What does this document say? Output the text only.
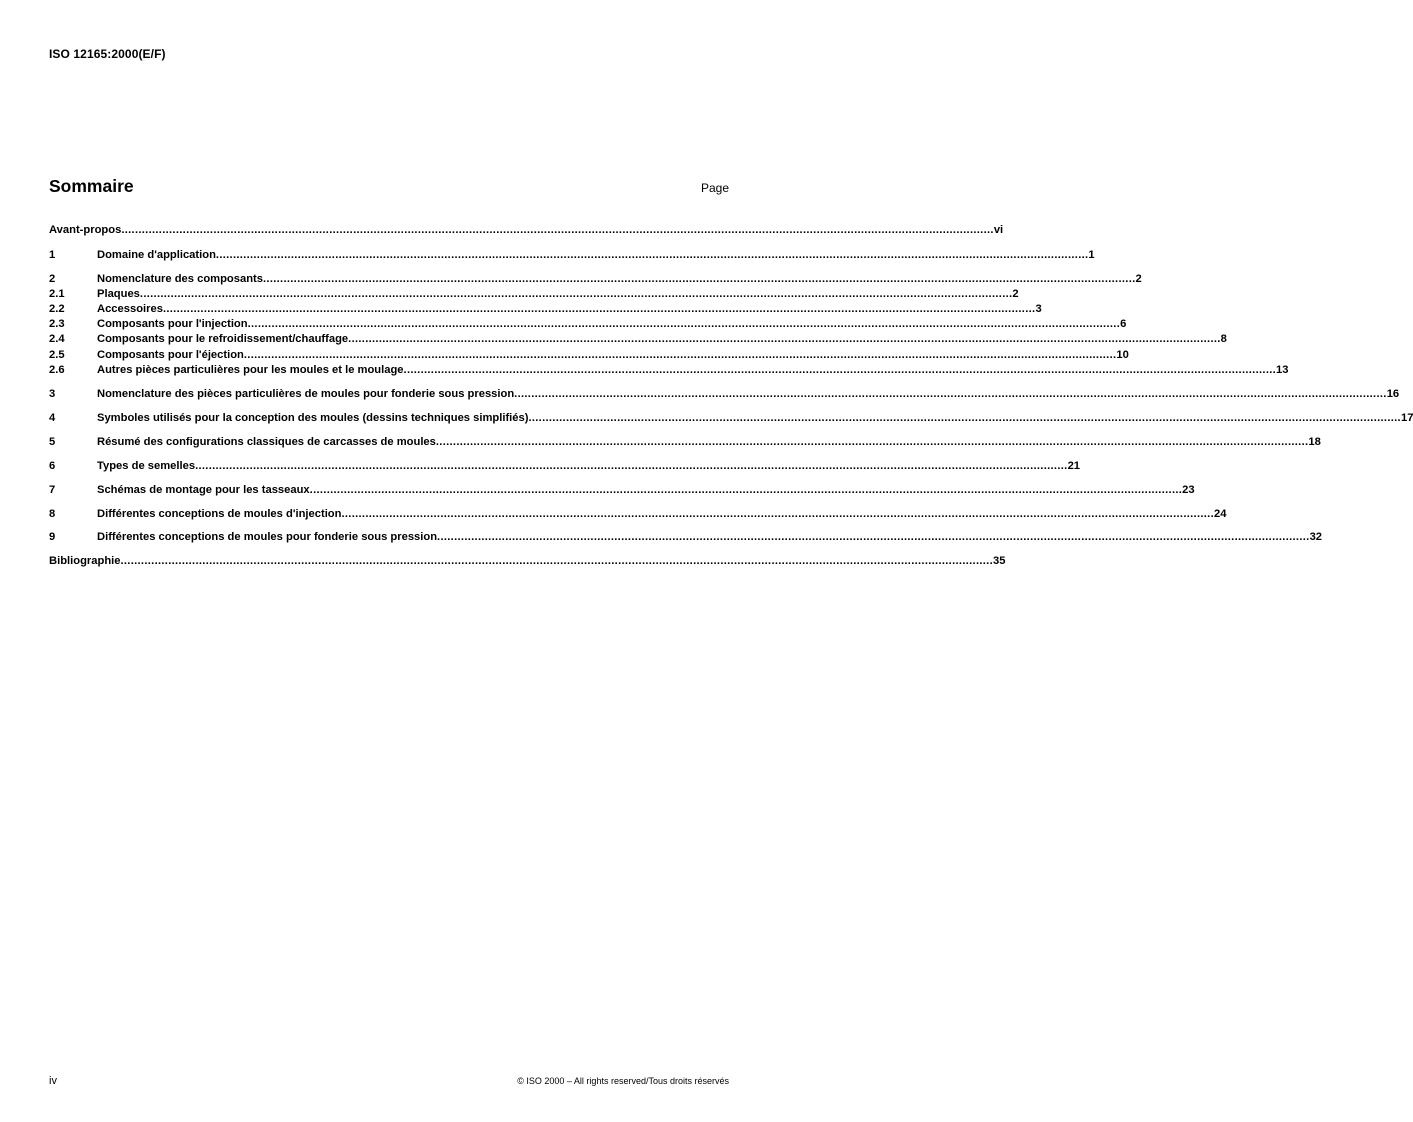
ISO 12165:2000(E/F)
Sommaire	Page
Avant-propos .....	vi
1	Domaine d'application .....	1
2	Nomenclature des composants .....	2
2.1	Plaques .....	2
2.2	Accessoires .....	3
2.3	Composants pour l'injection .....	6
2.4	Composants pour le refroidissement/chauffage .....	8
2.5	Composants pour l'éjection .....	10
2.6	Autres pièces particulières pour les moules et le moulage .....	13
3	Nomenclature des pièces particulières de moules pour fonderie sous pression .....	16
4	Symboles utilisés pour la conception des moules (dessins techniques simplifiés) .....	17
5	Résumé des configurations classiques de carcasses de moules .....	18
6	Types de semelles .....	21
7	Schémas de montage pour les tasseaux .....	23
8	Différentes conceptions de moules d'injection .....	24
9	Différentes conceptions de moules pour fonderie sous pression .....	32
Bibliographie .....	35
iv	© ISO 2000 – All rights reserved/Tous droits réservés
